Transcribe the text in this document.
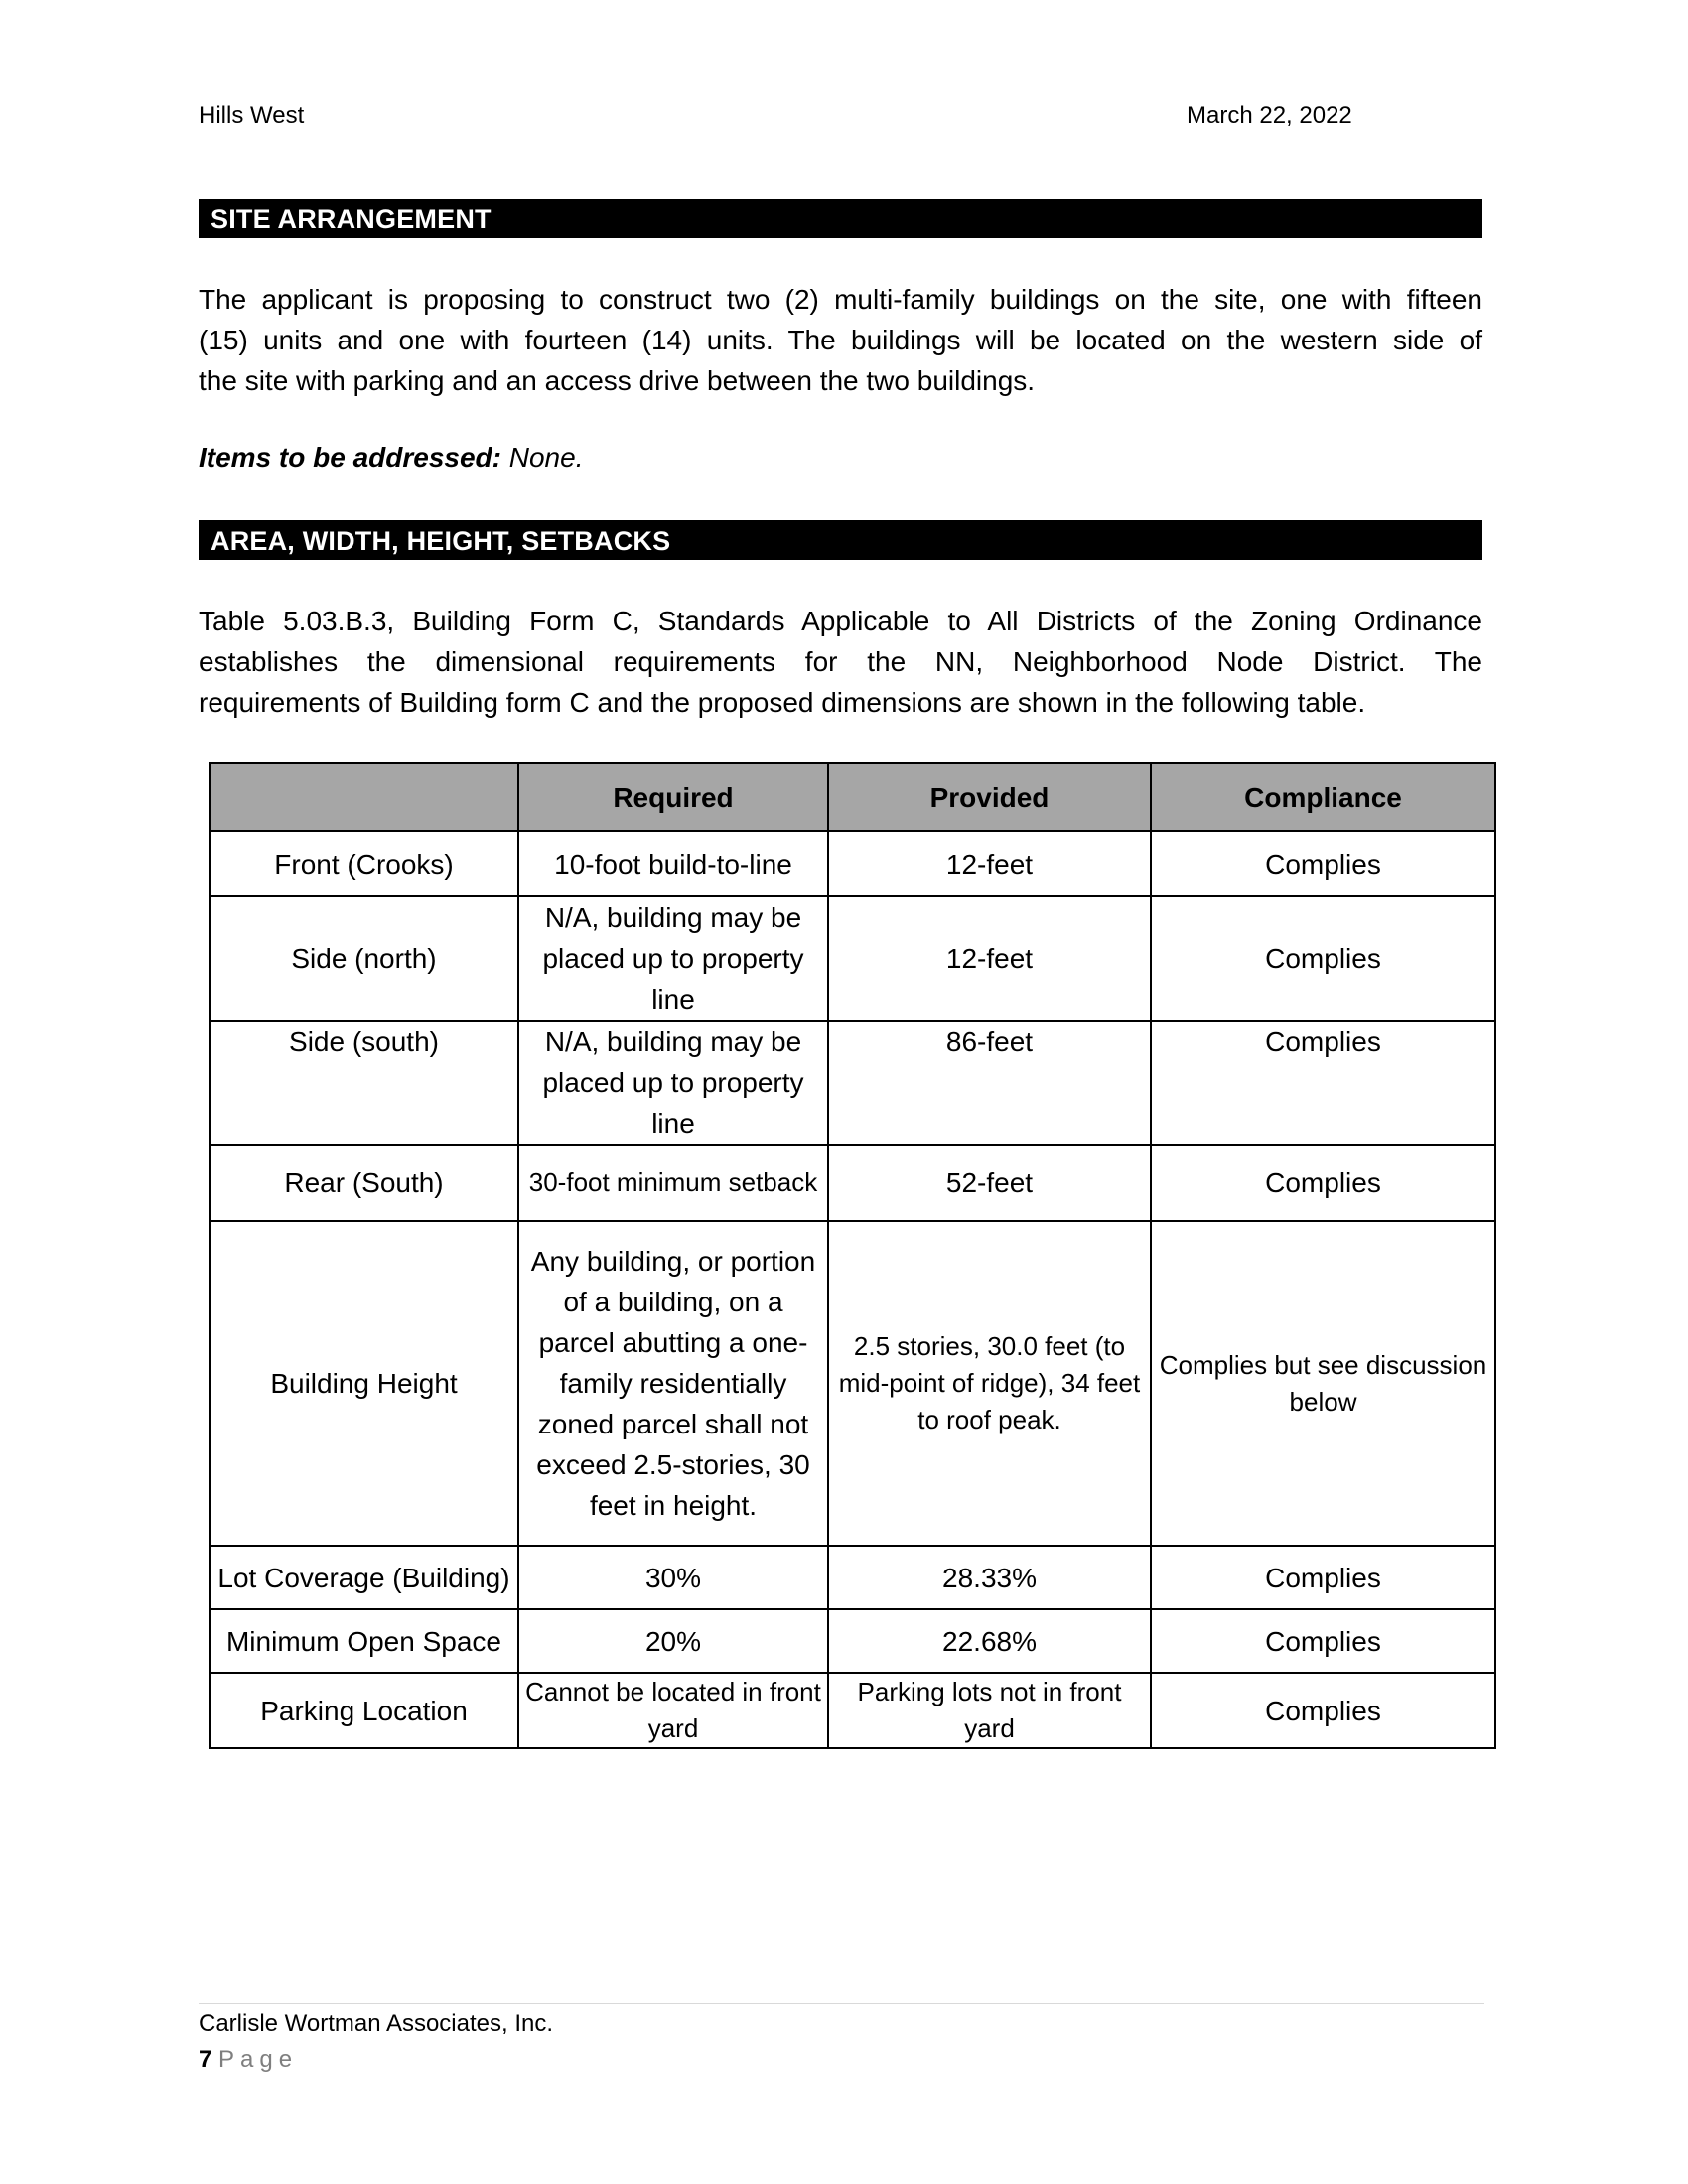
Hills West	March 22, 2022
SITE ARRANGEMENT
The applicant is proposing to construct two (2) multi-family buildings on the site, one with fifteen
(15) units and one with fourteen (14) units. The buildings will be located on the western side of
the site with parking and an access drive between the two buildings.
Items to be addressed: None.
AREA, WIDTH, HEIGHT, SETBACKS
Table 5.03.B.3, Building Form C, Standards Applicable to All Districts of the Zoning Ordinance
establishes the dimensional requirements for the NN, Neighborhood Node District. The
requirements of Building form C and the proposed dimensions are shown in the following table.
	Required	Provided	Compliance
Front (Crooks)	10-foot build-to-line	12-feet	Complies
Side (north)	N/A, building may be placed up to property line	12-feet	Complies
Side (south)	N/A, building may be placed up to property line	86-feet	Complies
Rear (South)	30-foot minimum setback	52-feet	Complies
Building Height	Any building, or portion of a building, on a parcel abutting a one-family residentially zoned parcel shall not exceed 2.5-stories, 30 feet in height.	2.5 stories, 30.0 feet (to mid-point of ridge), 34 feet to roof peak.	Complies but see discussion below
Lot Coverage (Building)	30%	28.33%	Complies
Minimum Open Space	20%	22.68%	Complies
Parking Location	Cannot be located in front yard	Parking lots not in front yard	Complies
Carlisle Wortman Associates, Inc.
7 Page
